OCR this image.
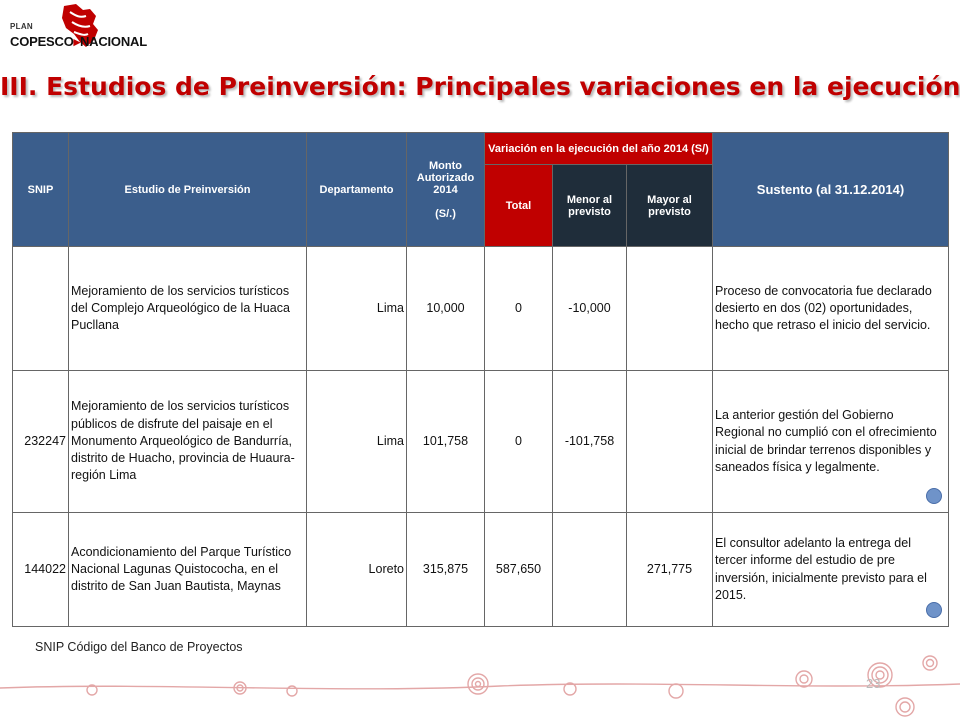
PLAN
COPESCO▸NACIONAL
III. Estudios de Preinversión: Principales variaciones en la ejecución
SNIP	Estudio de Preinversión	Departamento	Monto Autorizado 2014
(S/.)	Variación en la ejecución del año 2014 (S/)			Sustento (al 31.12.2014)
				Total	Menor al previsto	Mayor al previsto	
	Mejoramiento de los servicios turísticos del Complejo Arqueológico de la Huaca Pucllana	Lima	10,000	0	-10,000		Proceso de convocatoria fue declarado desierto en dos (02) oportunidades, hecho que retraso el inicio del servicio.
232247	Mejoramiento de los servicios turísticos públicos de disfrute del paisaje en el Monumento Arqueológico de Bandurría, distrito de Huacho, provincia de Huaura-región Lima	Lima	101,758	0	-101,758		La anterior gestión del Gobierno Regional no cumplió con el ofrecimiento inicial de brindar terrenos disponibles y saneados física y legalmente.

144022	Acondicionamiento del Parque Turístico Nacional Lagunas Quistococha, en el distrito de San Juan Bautista, Maynas	Loreto	315,875	587,650		271,775	El consultor adelanto la entrega del tercer informe del estudio de pre inversión, inicialmente previsto para el 2015.
SNIP Código del Banco de Proyectos
23
